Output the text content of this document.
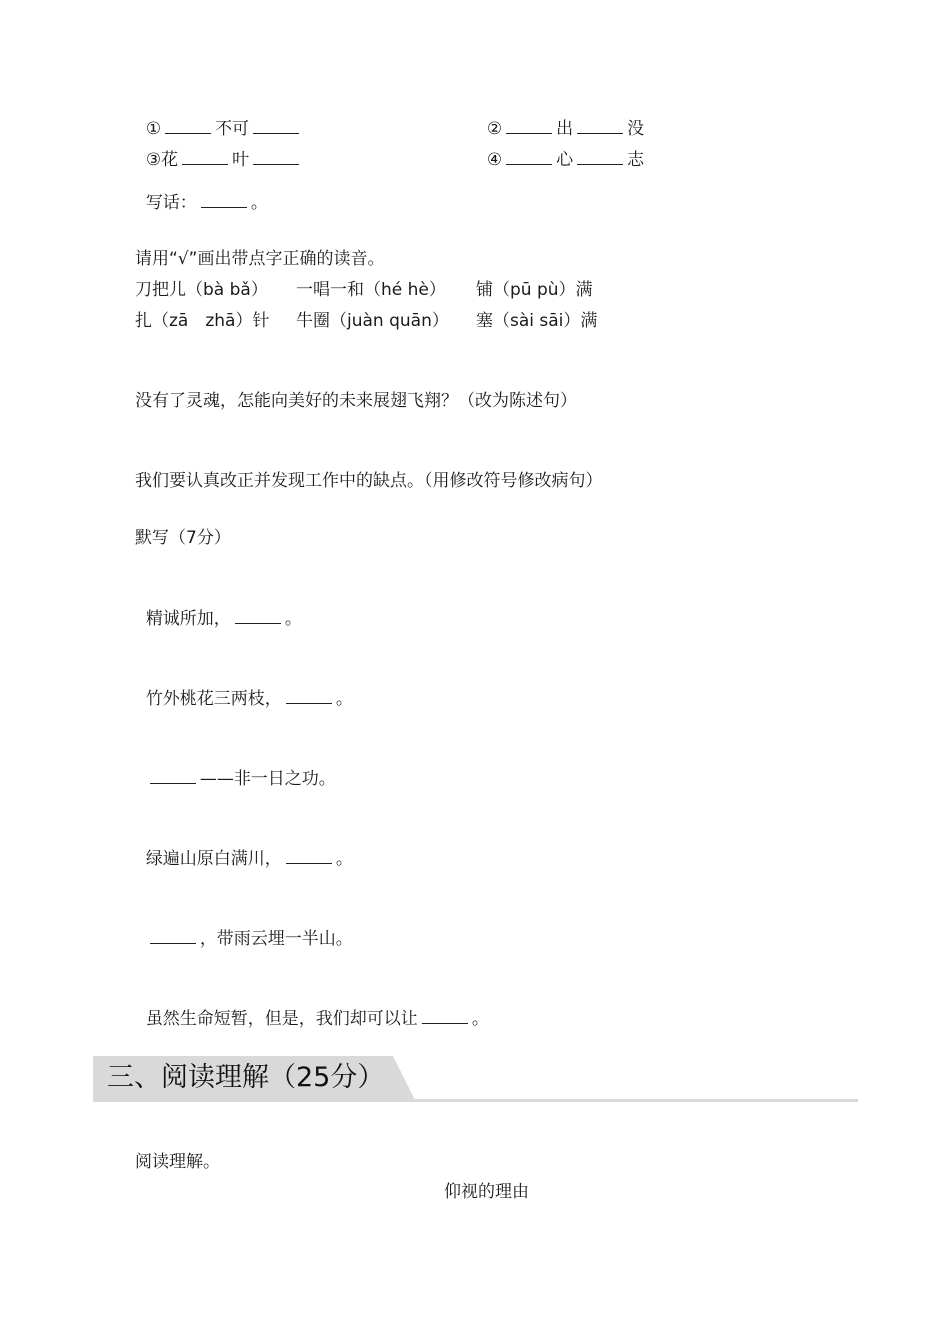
①	不可	②	出	没

③花	叶	④	心	志

写话：	。

请用“√”画出带点字正确的读音。
刀把儿（bà bǎ） 一唱一和（hé hè） 铺（pū pù）满
扎（zā　zhā）针 牛圈（juàn quān） 塞（sài sāi）满
没有了灵魂，怎能向美好的未来展翅飞翔？（改为陈述句）
我们要认真改正并发现工作中的缺点。（用修改符号修改病句）
默写（7分）

精诚所加，	。

竹外桃花三两枝，	。

——非一日之功。

绿遍山原白满川，	。

，带雨云埋一半山。

虽然生命短暂，但是，我们却可以让	。

三、阅读理解（25分）
阅读理解。
仰视的理由
